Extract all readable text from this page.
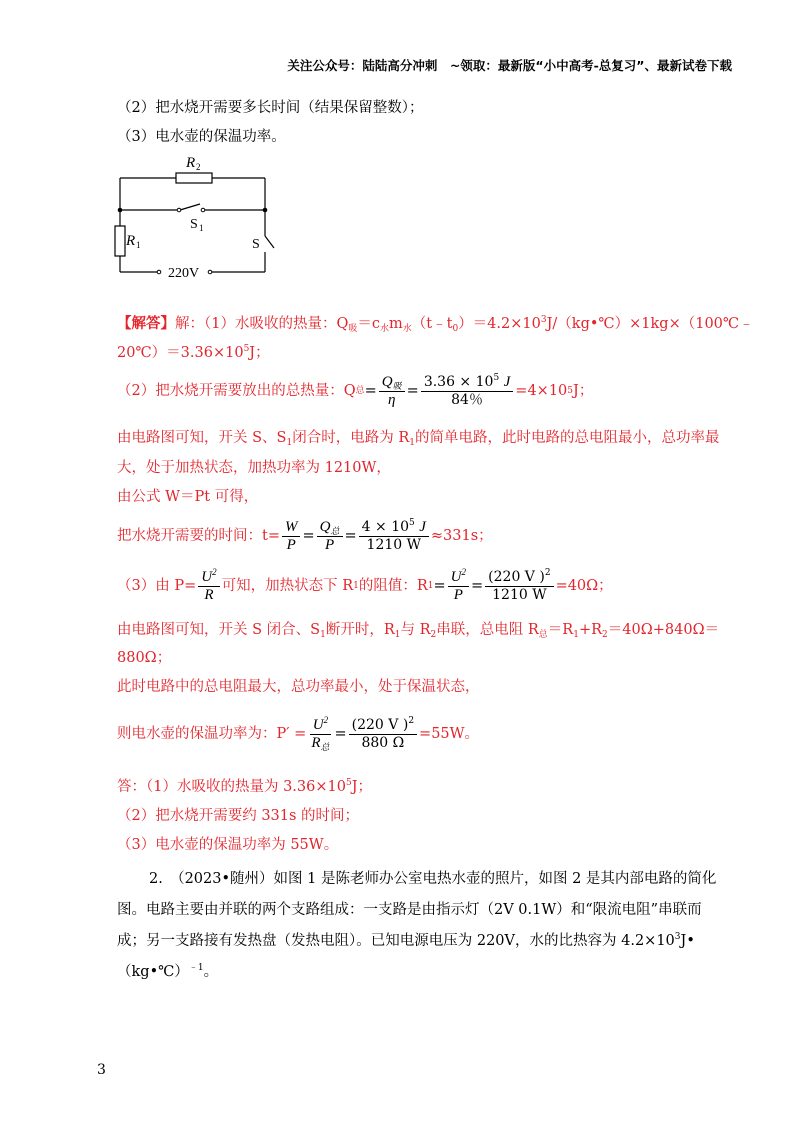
关注公众号：陆陆高分冲刺　~领取：最新版“小中高考-总复习”、最新试卷下载
（2）把水烧开需要多长时间（结果保留整数）；
（3）电水壶的保温功率。
R 2
R 1
S 1
S
220V
【解答】解：（1）水吸收的热量：$Q_吸=c_水m_水(t﹣t_0)=4.2\times 10^3J/(kg•℃)\times 1kg\times(100℃﹣$
$20℃)=3.36\times 10^5J$；
（2）把水烧开需要放出的总热量：Q 总 = $\frac{Q_吸}{\eta} = \frac{3.36 \times 10^5 J}{84\%} =4\times 10$ 5 J；
由电路图可知，开关 S、$S_1$闭合时，电路为 $R_1$的简单电路，此时电路的总电阻最小，总功率最
大，处于加热状态，加热功率为 1210W，
由公式 W＝Pt 可得，
把水烧开需要的时间：$t= \frac{W}{P} = \frac{Q_总}{P} = \frac{4 \times 10^5 J}{1210 W} \approx 331s$；
（3）由 $P= \frac{U^2}{R}$ 可知，加热状态下 R 1 的阻值：R $1 = \frac{U^2}{P} = \frac{(220 V )^2}{1210 W} =40\Omega$；
由电路图可知，开关 S 闭合、$S_1$断开时，$R_1$与 $R_2$串联，总电阻 $R_总=R_1+R_2=40\Omega+840\Omega=$
880Ω；
此时电路中的总电阻最大，总功率最小，处于保温状态，
则电水壶的保温功率为：$P' = \frac{U^2}{R_总} = \frac{(220 V )^2}{880 \Omega} =55W$。
答：（1）水吸收的热量为 $3.36\times 10^5J$；
（2）把水烧开需要约 331s 的时间；
（3）电水壶的保温功率为 55W。
2.　（2023•随州）如图 1 是陈老师办公室电热水壶的照片，如图 2 是其内部电路的简化
图。电路主要由并联的两个支路组成：一支路是由指示灯（2V 0.1W）和“限流电阻”串联而
成；另一支路接有发热盘（发热电阻）。已知电源电压为 220V，水的比热容为 $4.2\times 10^3J•$
（kg•℃）$^{﹣1}$。
3
